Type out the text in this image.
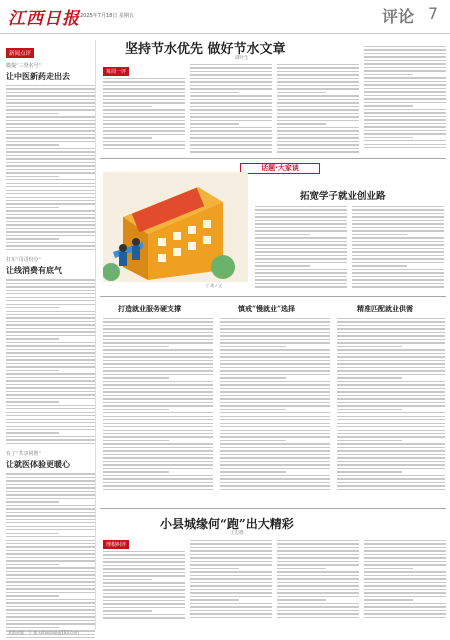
江西日报 2025年7月18日 星期五	评论 7
新闻点评
微提“三誉名号”
让中医新药走出去
打车“司司份分”
让线消费有底气
有了“共享同帮”
让就医体验更暖心
坚持节水优先 做好节水文章
谭叶生
每周一评
话题·大家谈
王 琦 / 文
拓宽学子就业创业路
打造就业服务硬支撑	慎戒“慢就业”选择	精准匹配就业供需
小县城缘何“跑”出大精彩
王忠德
理根纠评
本版责编：王 婧 sohosaoji@163.com
